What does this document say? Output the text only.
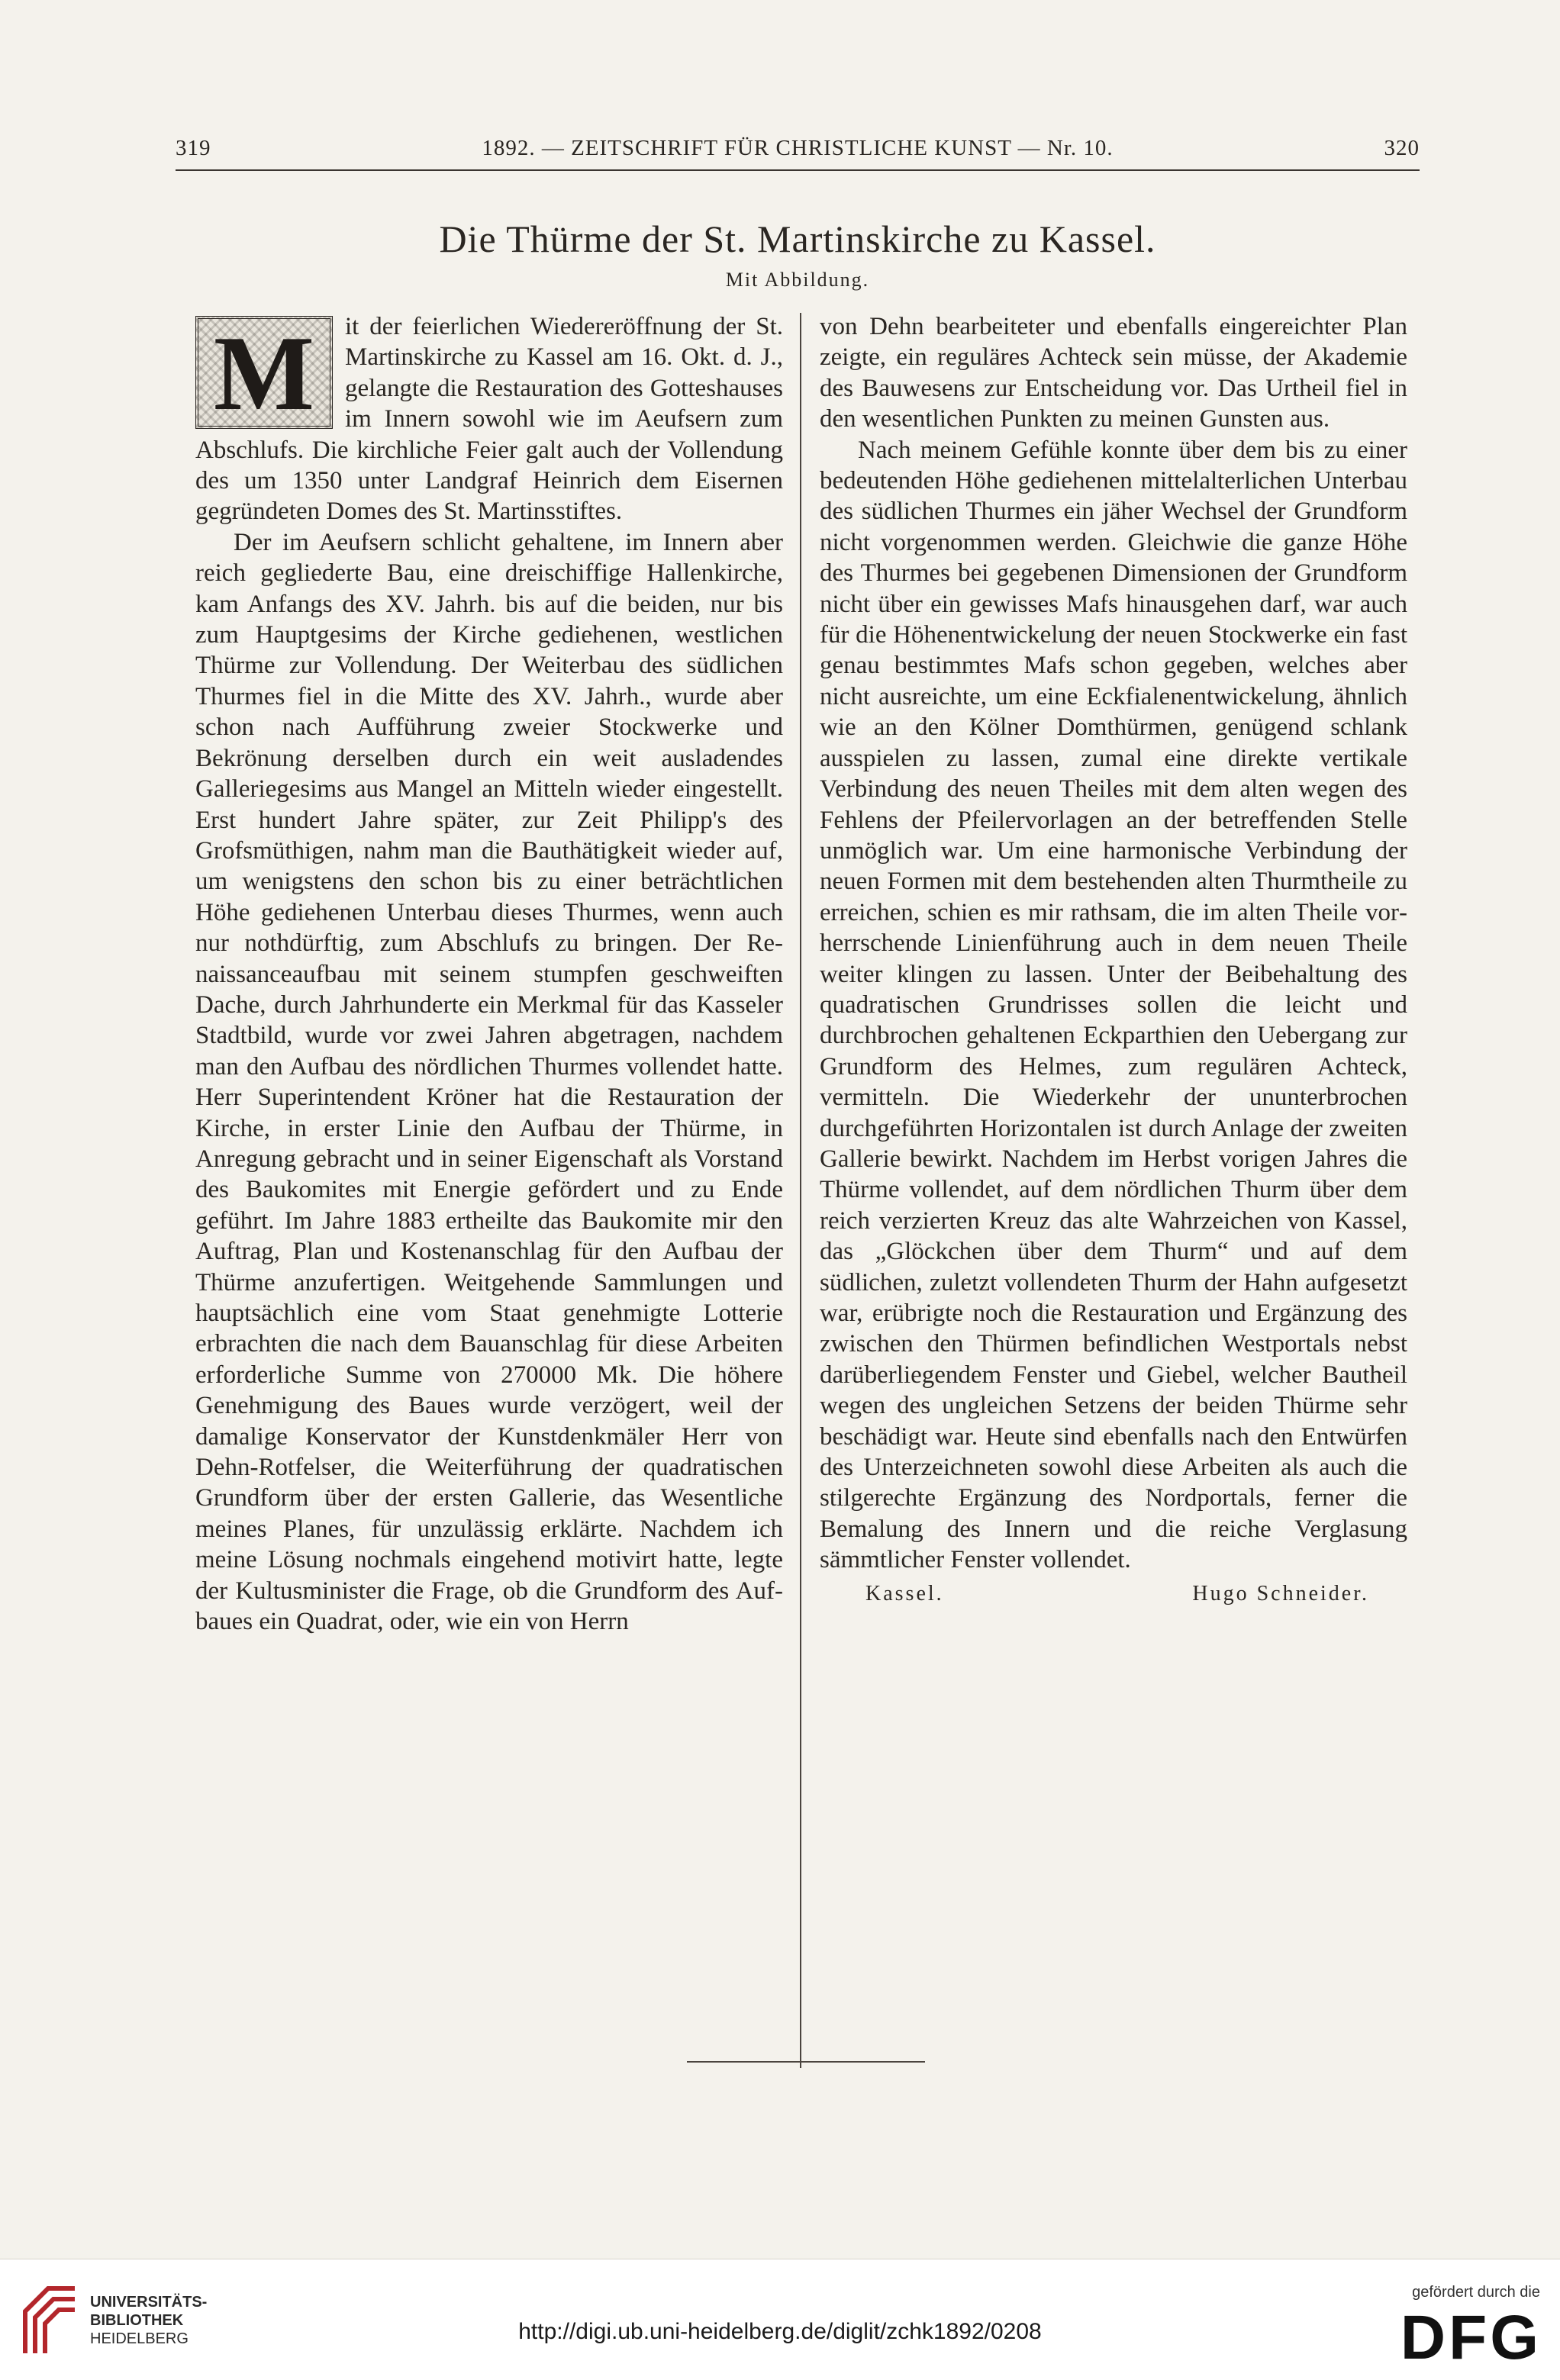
319	1892. — ZEITSCHRIFT FÜR CHRISTLICHE KUNST — Nr. 10.	320
Die Thürme der St. Martinskirche zu Kassel.
Mit Abbildung.
M	it der feierlichen Wiedereröffnung der St. Martinskirche zu Kassel am 16. Okt. d. J., gelangte die Restauration des Gotteshauses im Innern sowohl wie im Aeufsern zum Abschlufs. Die kirchliche Feier galt auch der Vollendung des um 1350 unter Landgraf Heinrich dem Eisernen gegründeten Domes des St. Martinsstiftes.

Der im Aeufsern schlicht gehaltene, im Innern aber reich gegliederte Bau, eine dreischiffige Hallenkirche, kam Anfangs des XV. Jahrh. bis auf die beiden, nur bis zum Hauptgesims der Kirche gediehenen, westlichen Thürme zur Vollendung. Der Weiterbau des südlichen Thurmes fiel in die Mitte des XV. Jahrh., wurde aber schon nach Aufführung zweier Stockwerke und Bekrönung derselben durch ein weit ausladendes Galleriegesims aus Mangel an Mitteln wieder eingestellt. Erst hundert Jahre später, zur Zeit Philipp's des Grofsmüthigen, nahm man die Bauthätigkeit wieder auf, um wenigstens den schon bis zu einer beträchtlichen Höhe gediehenen Unterbau dieses Thurmes, wenn auch nur nothdürftig, zum Abschlufs zu bringen. Der Renaissanceaufbau mit seinem stumpfen geschweiften Dache, durch Jahrhunderte ein Merkmal für das Kasseler Stadtbild, wurde vor zwei Jahren abgetragen, nachdem man den Aufbau des nördlichen Thurmes vollendet hatte. Herr Superintendent Kröner hat die Restauration der Kirche, in erster Linie den Aufbau der Thürme, in Anregung gebracht und in seiner Eigenschaft als Vorstand des Baukomites mit Energie gefördert und zu Ende geführt. Im Jahre 1883 ertheilte das Baukomite mir den Auftrag, Plan und Kostenanschlag für den Aufbau der Thürme anzufertigen. Weitgehende Sammlungen und hauptsächlich eine vom Staat genehmigte Lotterie erbrachten die nach dem Bauanschlag für diese Arbeiten erforderliche Summe von 270000 Mk. Die höhere Genehmigung des Baues wurde verzögert, weil der damalige Konservator der Kunstdenkmäler Herr von Dehn-Rotfelser, die Weiterführung der quadratischen Grundform über der ersten Gallerie, das Wesentliche meines Planes, für unzulässig erklärte. Nachdem ich meine Lösung nochmals eingehend motivirt hatte, legte der Kultusminister die Frage, ob die Grundform des Aufbaues ein Quadrat, oder, wie ein von Herrn

von Dehn bearbeiteter und ebenfalls eingereichter Plan zeigte, ein reguläres Achteck sein müsse, der Akademie des Bauwesens zur Entscheidung vor. Das Urtheil fiel in den wesentlichen Punkten zu meinen Gunsten aus.

Nach meinem Gefühle konnte über dem bis zu einer bedeutenden Höhe gediehenen mittelalterlichen Unterbau des südlichen Thurmes ein jäher Wechsel der Grundform nicht vorgenommen werden. Gleichwie die ganze Höhe des Thurmes bei gegebenen Dimensionen der Grundform nicht über ein gewisses Mafs hinausgehen darf, war auch für die Höhenentwickelung der neuen Stockwerke ein fast genau bestimmtes Mafs schon gegeben, welches aber nicht ausreichte, um eine Eckfialenentwickelung, ähnlich wie an den Kölner Domthürmen, genügend schlank ausspielen zu lassen, zumal eine direkte vertikale Verbindung des neuen Theiles mit dem alten wegen des Fehlens der Pfeilervorlagen an der betreffenden Stelle unmöglich war. Um eine harmonische Verbindung der neuen Formen mit dem bestehenden alten Thurmtheile zu erreichen, schien es mir rathsam, die im alten Theile vorherrschende Linienführung auch in dem neuen Theile weiter klingen zu lassen. Unter der Beibehaltung des quadratischen Grundrisses sollen die leicht und durchbrochen gehaltenen Eckparthien den Uebergang zur Grundform des Helmes, zum regulären Achteck, vermitteln. Die Wiederkehr der ununterbrochen durchgeführten Horizontalen ist durch Anlage der zweiten Gallerie bewirkt. Nachdem im Herbst vorigen Jahres die Thürme vollendet, auf dem nördlichen Thurm über dem reich verzierten Kreuz das alte Wahrzeichen von Kassel, das „Glöckchen über dem Thurm“ und auf dem südlichen, zuletzt vollendeten Thurm der Hahn aufgesetzt war, erübrigte noch die Restauration und Ergänzung des zwischen den Thürmen befindlichen Westportals nebst darüberliegendem Fenster und Giebel, welcher Bautheil wegen des ungleichen Setzens der beiden Thürme sehr beschädigt war. Heute sind ebenfalls nach den Entwürfen des Unterzeichneten sowohl diese Arbeiten als auch die stilgerechte Ergänzung des Nordportals, ferner die Bemalung des Innern und die reiche Verglasung sämmtlicher Fenster vollendet.

Kassel.	Hugo Schneider.
UNIVERSITÄTS-
BIBLIOTHEK
HEIDELBERG	http://digi.ub.uni-heidelberg.de/diglit/zchk1892/0208
gefördert durch die
DFG
